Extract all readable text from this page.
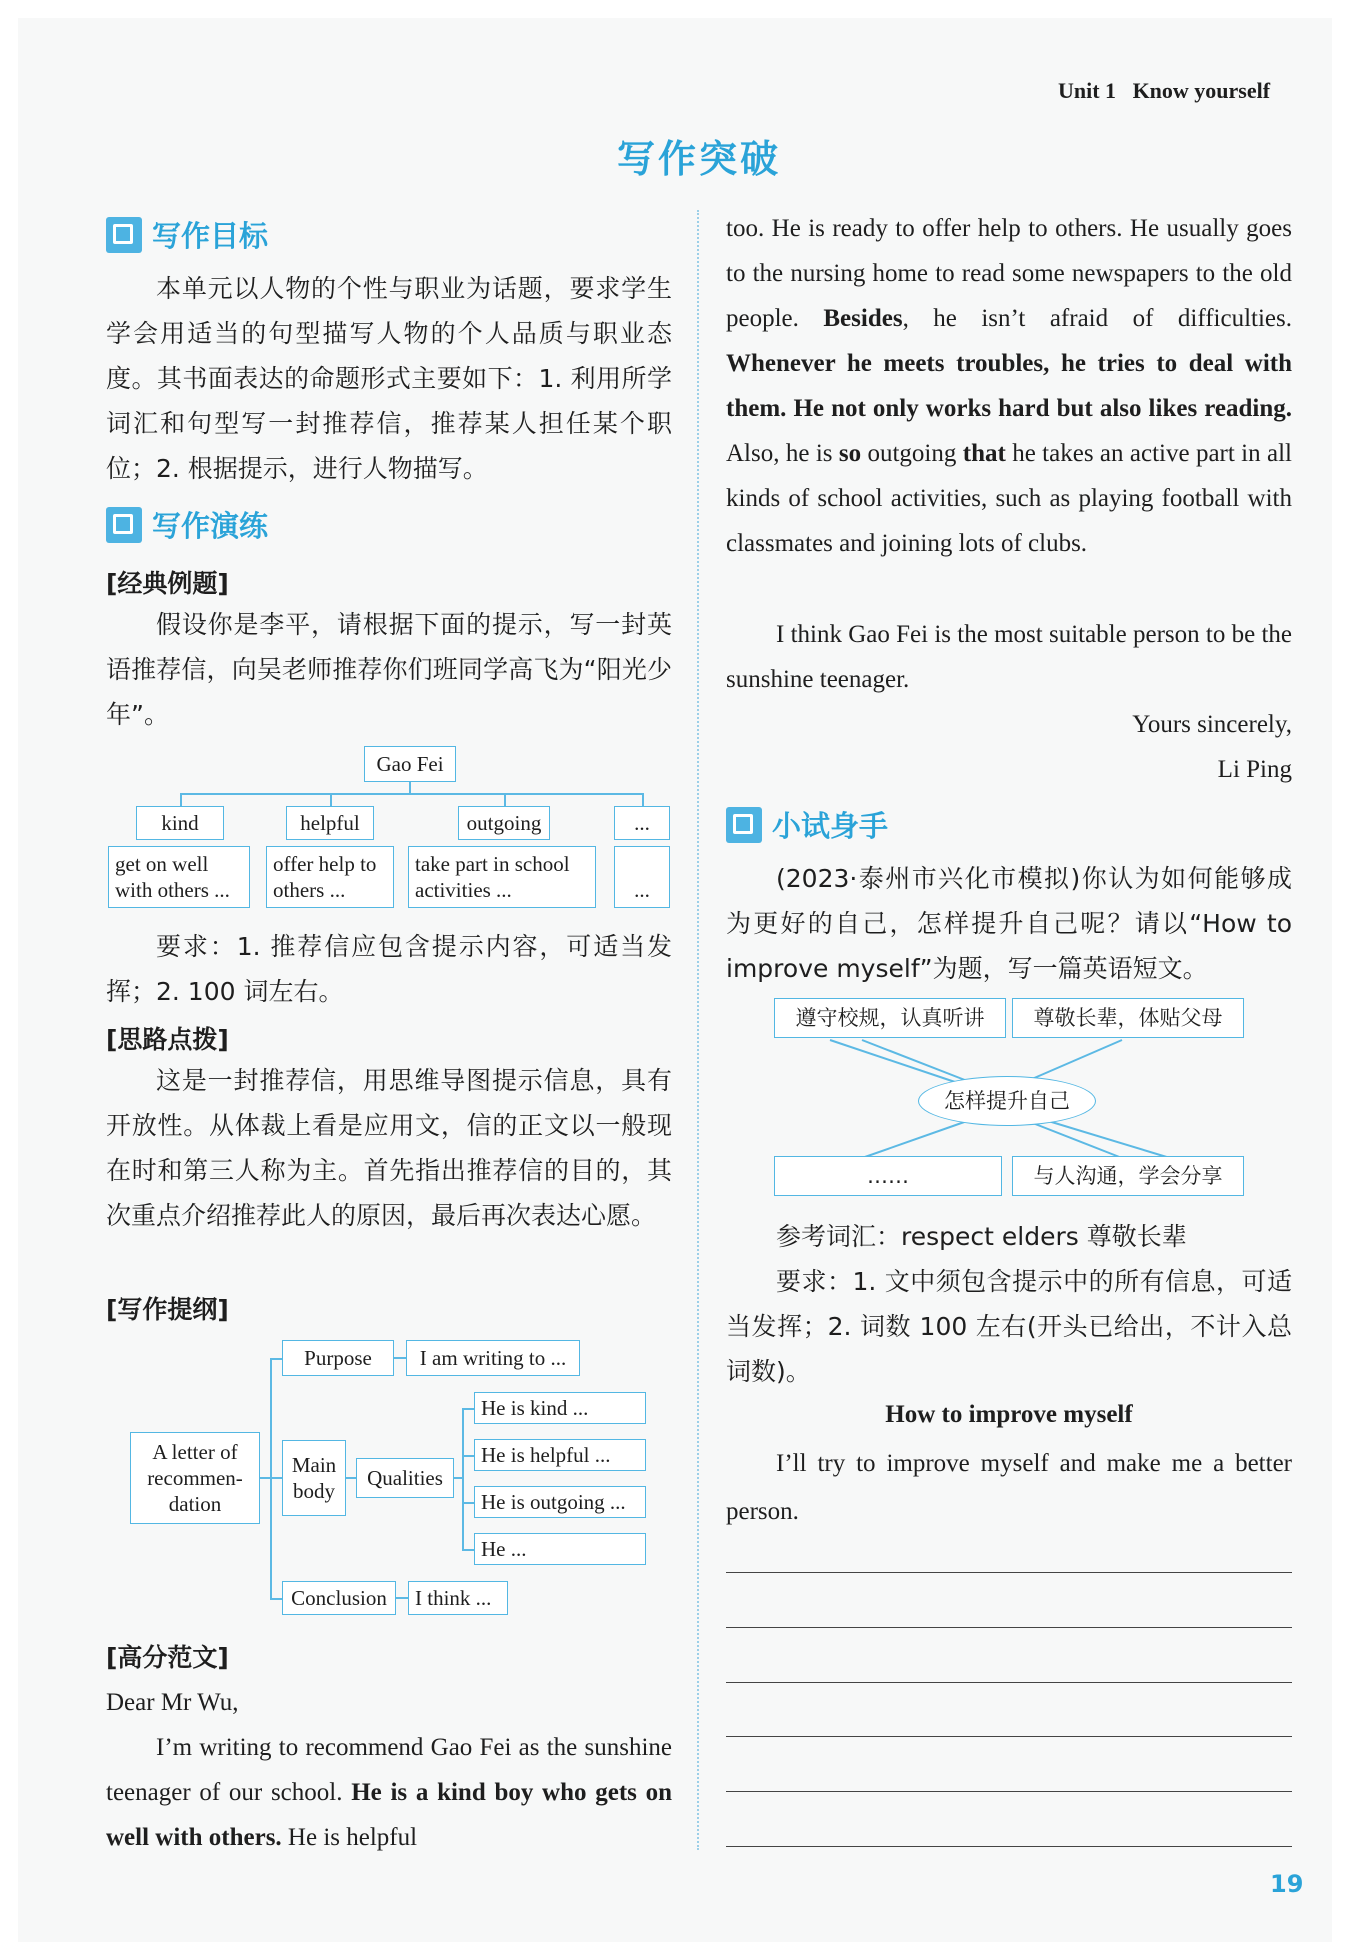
Unit 1 Know yourself
写作突破
写作目标
本单元以人物的个性与职业为话题，要求学生学会用适当的句型描写人物的个人品质与职业态度。其书面表达的命题形式主要如下：1. 利用所学词汇和句型写一封推荐信，推荐某人担任某个职位；2. 根据提示，进行人物描写。
写作演练
[经典例题]
假设你是李平，请根据下面的提示，写一封英语推荐信，向吴老师推荐你们班同学高飞为“阳光少年”。
Gao Fei
kind	helpful	outgoing	...
get on well with others ...
offer help to others ...
take part in school activities ...	...
要求：1. 推荐信应包含提示内容，可适当发挥；2. 100 词左右。
[思路点拨]
这是一封推荐信，用思维导图提示信息，具有开放性。从体裁上看是应用文，信的正文以一般现在时和第三人称为主。首先指出推荐信的目的，其次重点介绍推荐此人的原因，最后再次表达心愿。
[写作提纲]
A letter of recommen-dation
Purpose	I am writing to ...
Main body
Qualities
He is kind ...
He is helpful ...
He is outgoing ...
He ...
Conclusion	I think ...
[高分范文]
Dear Mr Wu,
I’m writing to recommend Gao Fei as the sunshine teenager of our school. He is a kind boy who gets on well with others. He is helpful
too. He is ready to offer help to others. He usually goes to the nursing home to read some newspapers to the old people. Besides, he isn’t afraid of difficulties. Whenever he meets troubles, he tries to deal with them. He not only works hard but also likes reading. Also, he is so outgoing that he takes an active part in all kinds of school activities, such as playing football with classmates and joining lots of clubs.
I think Gao Fei is the most suitable person to be the sunshine teenager.
Yours sincerely,
Li Ping
小试身手
(2023·泰州市兴化市模拟)你认为如何能够成为更好的自己，怎样提升自己呢？请以“How to improve myself”为题，写一篇英语短文。
遵守校规，认真听讲	尊敬长辈，体贴父母
怎样提升自己
……	与人沟通，学会分享
参考词汇：respect elders 尊敬长辈
要求：1. 文中须包含提示中的所有信息，可适当发挥；2. 词数 100 左右(开头已给出，不计入总词数)。
How to improve myself
I’ll try to improve myself and make me a better person.
19
